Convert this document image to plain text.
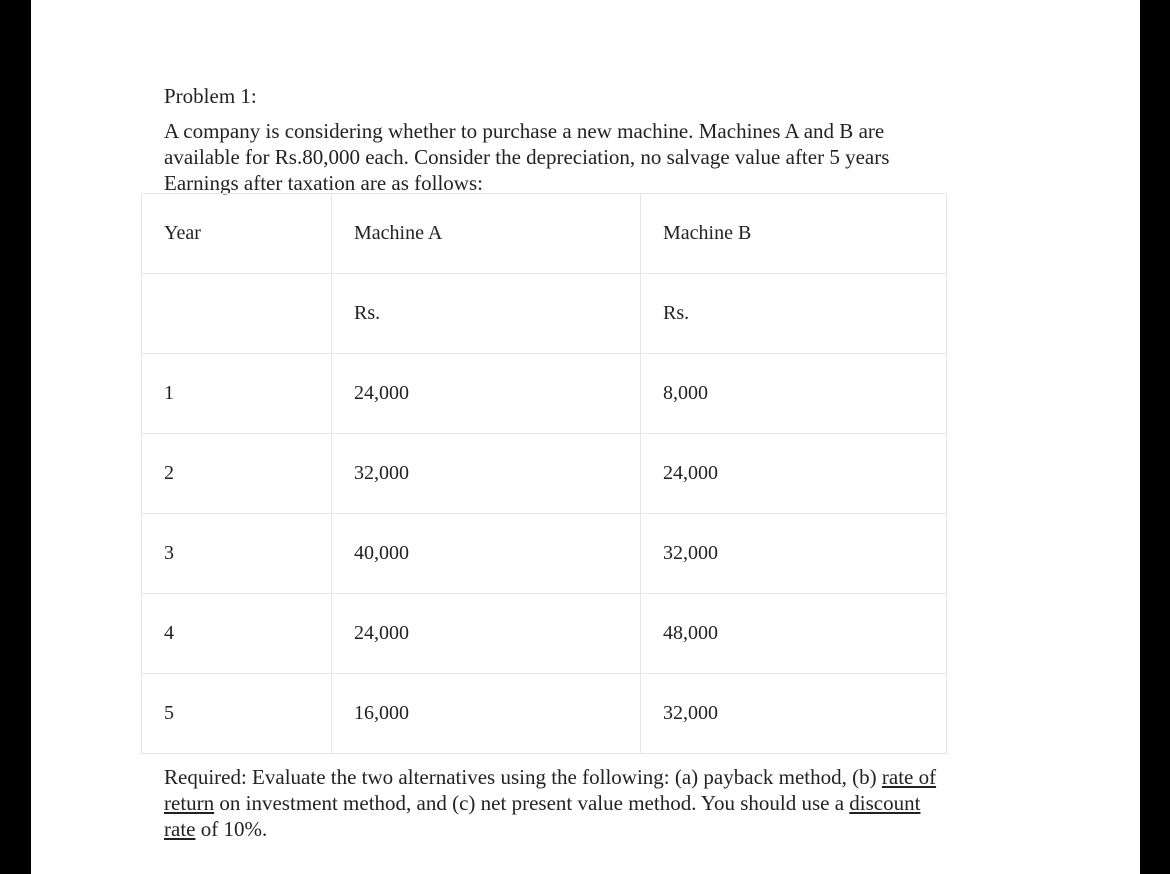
Problem 1:
A company is considering whether to purchase a new machine. Machines A and B are
available for Rs.80,000 each. Consider the depreciation, no salvage value after 5 years
Earnings after taxation are as follows:
Year	Machine A	Machine B
	Rs.	Rs.
1	24,000	8,000
2	32,000	24,000
3	40,000	32,000
4	24,000	48,000
5	16,000	32,000
Required: Evaluate the two alternatives using the following: (a) payback method, (b) rate of
return on investment method, and (c) net present value method. You should use a discount
rate of 10%.
